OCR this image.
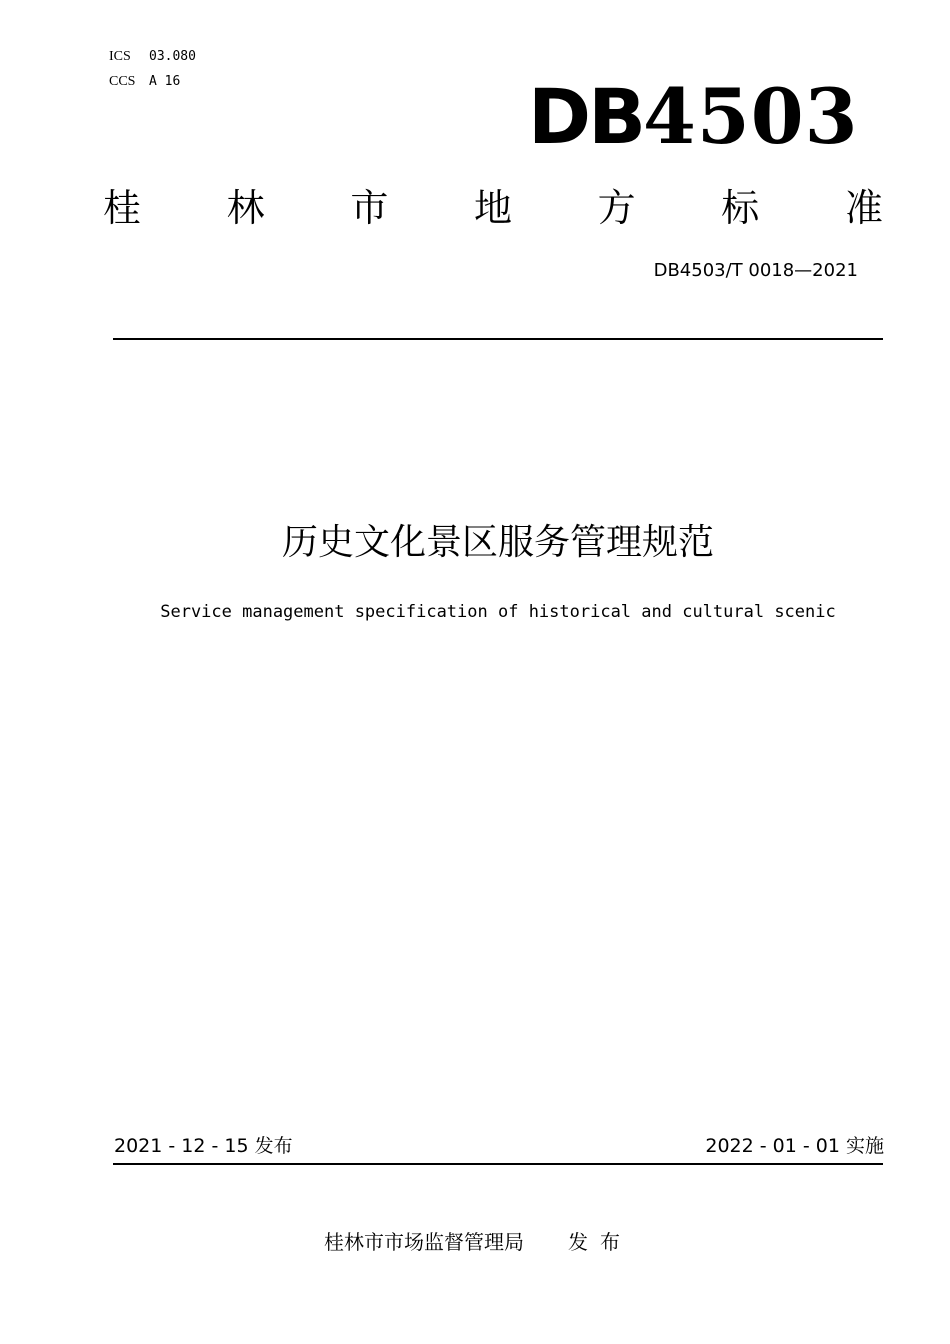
ICS 03.080
CCS A 16	DB4503
桂 林 市 地 方 标 准
DB4503/T 0018—2021
历史文化景区服务管理规范
Service management specification of historical and cultural scenic
2021 - 12 - 15 发布	2022 - 01 - 01 实施
桂林市市场监督管理局 发布
